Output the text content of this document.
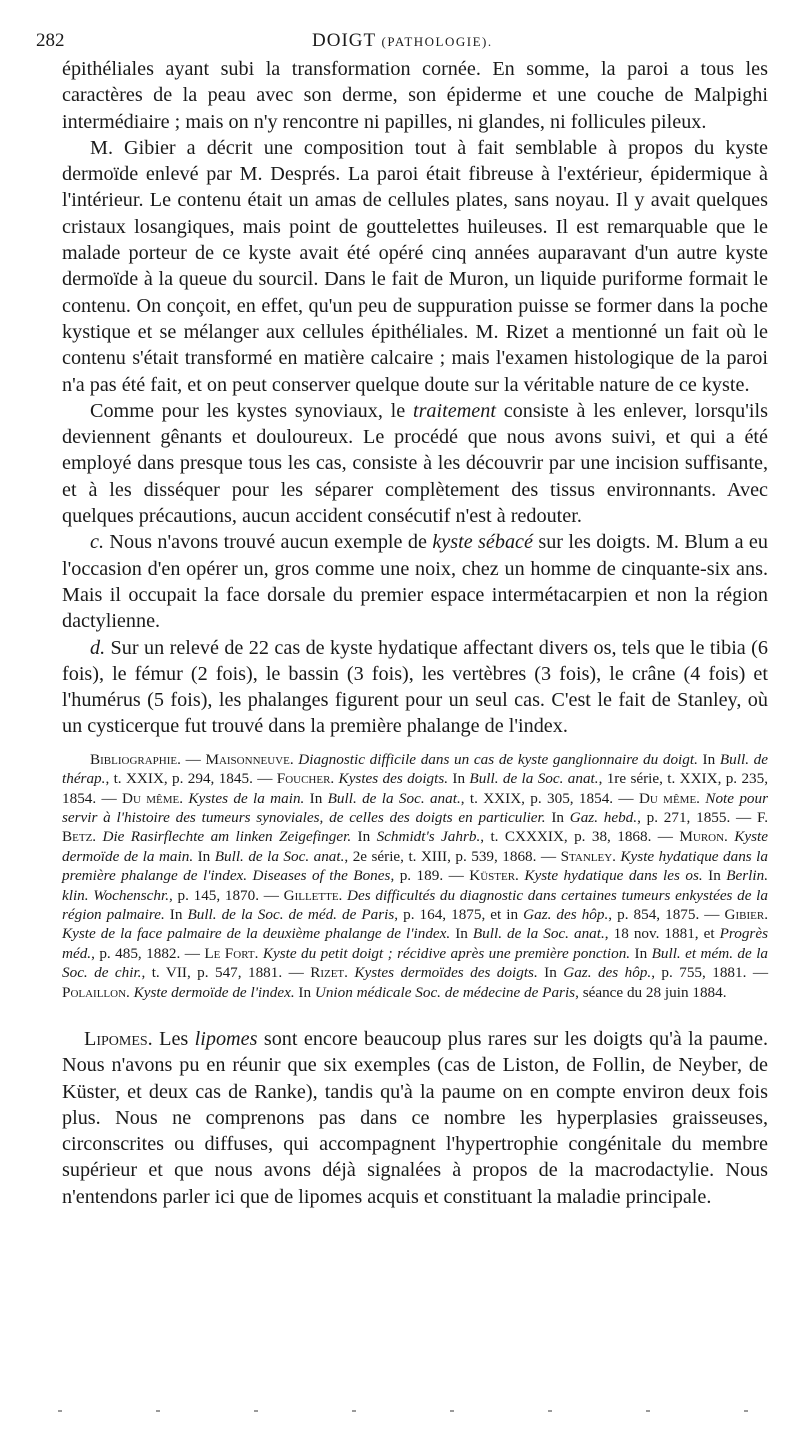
282	DOIGT (PATHOLOGIE).

épithéliales ayant subi la transformation cornée. En somme, la paroi a tous les caractères de la peau avec son derme, son épiderme et une couche de Malpighi intermédiaire ; mais on n'y rencontre ni papilles, ni glandes, ni follicules pileux.

M. Gibier a décrit une composition tout à fait semblable à propos du kyste dermoïde enlevé par M. Després. La paroi était fibreuse à l'extérieur, épidermique à l'intérieur. Le contenu était un amas de cellules plates, sans noyau. Il y avait quelques cristaux losangiques, mais point de gouttelettes huileuses. Il est remarquable que le malade porteur de ce kyste avait été opéré cinq années auparavant d'un autre kyste dermoïde à la queue du sourcil. Dans le fait de Muron, un liquide puriforme formait le contenu. On conçoit, en effet, qu'un peu de suppuration puisse se former dans la poche kystique et se mélanger aux cellules épithéliales. M. Rizet a mentionné un fait où le contenu s'était transformé en matière calcaire ; mais l'examen histologique de la paroi n'a pas été fait, et on peut conserver quelque doute sur la véritable nature de ce kyste.

Comme pour les kystes synoviaux, le traitement consiste à les enlever, lorsqu'ils deviennent gênants et douloureux. Le procédé que nous avons suivi, et qui a été employé dans presque tous les cas, consiste à les découvrir par une incision suffisante, et à les disséquer pour les séparer complètement des tissus environnants. Avec quelques précautions, aucun accident consécutif n'est à redouter.

c. Nous n'avons trouvé aucun exemple de kyste sébacé sur les doigts. M. Blum a eu l'occasion d'en opérer un, gros comme une noix, chez un homme de cinquante-six ans. Mais il occupait la face dorsale du premier espace intermétacarpien et non la région dactylienne.

d. Sur un relevé de 22 cas de kyste hydatique affectant divers os, tels que le tibia (6 fois), le fémur (2 fois), le bassin (3 fois), les vertèbres (3 fois), le crâne (4 fois) et l'humérus (5 fois), les phalanges figurent pour un seul cas. C'est le fait de Stanley, où un cysticerque fut trouvé dans la première phalange de l'index.

Bibliographie. — Maisonneuve. Diagnostic difficile dans un cas de kyste ganglionnaire du doigt. In Bull. de thérap., t. XXIX, p. 294, 1845. — Foucher. Kystes des doigts. In Bull. de la Soc. anat., 1re série, t. XXIX, p. 235, 1854. — Du même. Kystes de la main. In Bull. de la Soc. anat., t. XXIX, p. 305, 1854. — Du même. Note pour servir à l'histoire des tumeurs synoviales, de celles des doigts en particulier. In Gaz. hebd., p. 271, 1855. — F. Betz. Die Rasirflechte am linken Zeigefinger. In Schmidt's Jahrb., t. CXXXIX, p. 38, 1868. — Muron. Kyste dermoïde de la main. In Bull. de la Soc. anat., 2e série, t. XIII, p. 539, 1868. — Stanley. Kyste hydatique dans la première phalange de l'index. Diseases of the Bones, p. 189. — Küster. Kyste hydatique dans les os. In Berlin. klin. Wochenschr., p. 145, 1870. — Gillette. Des difficultés du diagnostic dans certaines tumeurs enkystées de la région palmaire. In Bull. de la Soc. de méd. de Paris, p. 164, 1875, et in Gaz. des hôp., p. 854, 1875. — Gibier. Kyste de la face palmaire de la deuxième phalange de l'index. In Bull. de la Soc. anat., 18 nov. 1881, et Progrès méd., p. 485, 1882. — Le Fort. Kyste du petit doigt ; récidive après une première ponction. In Bull. et mém. de la Soc. de chir., t. VII, p. 547, 1881. — Rizet. Kystes dermoïdes des doigts. In Gaz. des hôp., p. 755, 1881. — Polaillon. Kyste dermoïde de l'index. In Union médicale Soc. de médecine de Paris, séance du 28 juin 1884.

Lipomes. Les lipomes sont encore beaucoup plus rares sur les doigts qu'à la paume. Nous n'avons pu en réunir que six exemples (cas de Liston, de Follin, de Neyber, de Küster, et deux cas de Ranke), tandis qu'à la paume on en compte environ deux fois plus. Nous ne comprenons pas dans ce nombre les hyperplasies graisseuses, circonscrites ou diffuses, qui accompagnent l'hypertrophie congénitale du membre supérieur et que nous avons déjà signalées à propos de la macrodactylie. Nous n'entendons parler ici que de lipomes acquis et constituant la maladie principale.
